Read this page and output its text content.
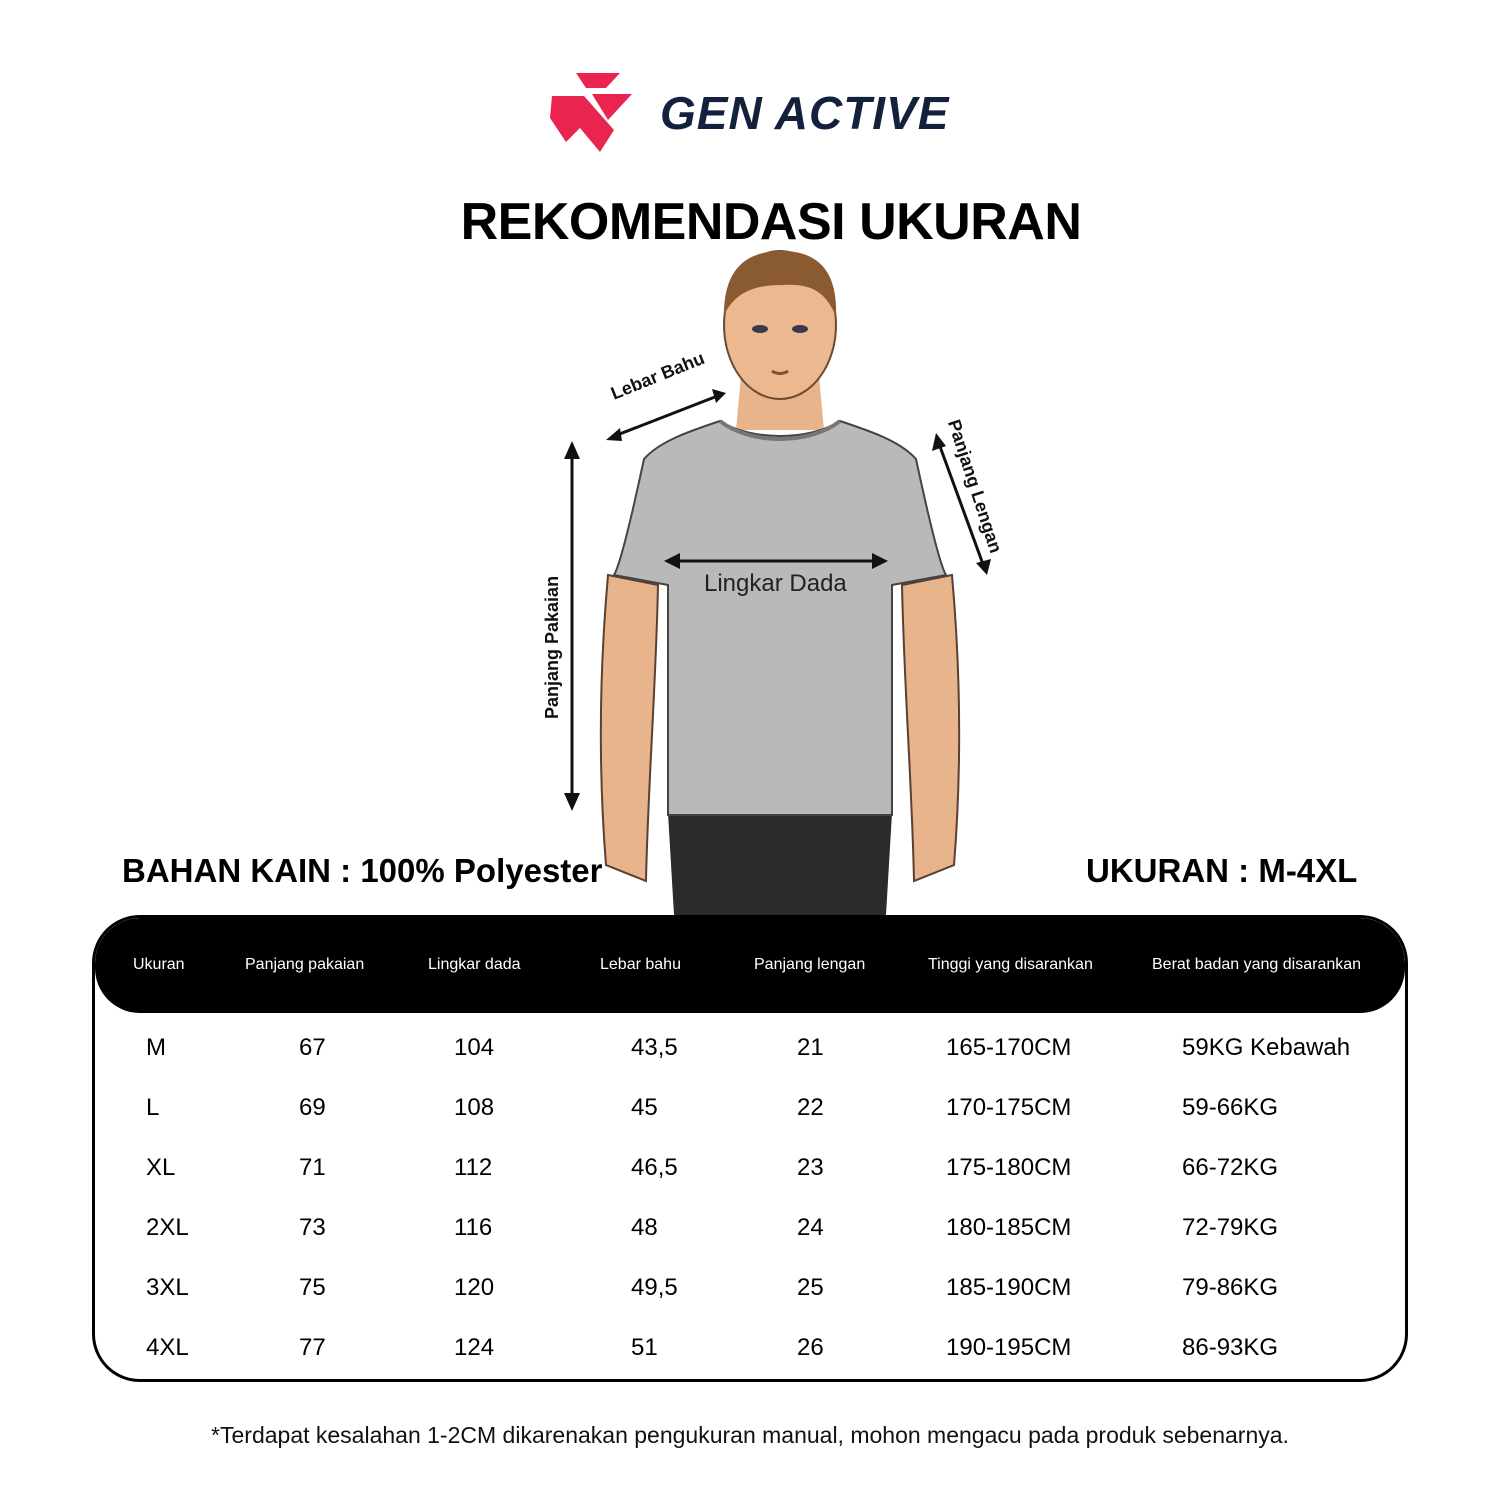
GEN ACTIVE
REKOMENDASI UKURAN
Lebar Bahu
Panjang Lengan
Panjang Pakaian	Lingkar Dada
BAHAN KAIN : 100% Polyester	UKURAN : M-4XL
Ukuran	Panjang pakaian	Lingkar dada	Lebar bahu	Panjang lengan	Tinggi yang disarankan	Berat badan yang disarankan
M	67	104	43,5	21	165-170CM	59KG Kebawah
L	69	108	45	22	170-175CM	59-66KG
XL	71	112	46,5	23	175-180CM	66-72KG
2XL	73	116	48	24	180-185CM	72-79KG
3XL	75	120	49,5	25	185-190CM	79-86KG
4XL	77	124	51	26	190-195CM	86-93KG
*Terdapat kesalahan 1-2CM dikarenakan pengukuran manual, mohon mengacu pada produk sebenarnya.
